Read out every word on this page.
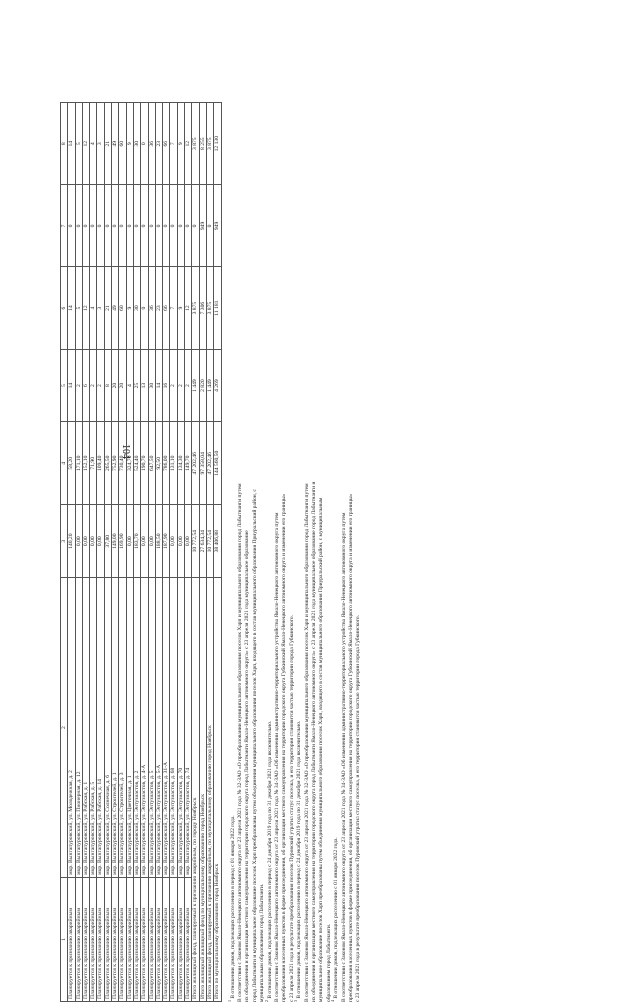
104
1	2	3	4	5	6	7	8
Планируется к признанию аварийным	мкр. Вынгапуровский, ул. Молодежная, д. 2	140,20	58,20	14	14	0	14
Планируется к признанию аварийным	мкр. Вынгапуровский, ул. Пионерная, д. 12	0,00	171,10	2	5	0	5
Планируется к признанию аварийным	мкр. Вынгапуровский, ул. Рабская, д. 1	0,00	152,10	6	12	0	12
Планируется к признанию аварийным	мкр. Вынгапуровский, ул. Рабская, д. 5	0,00	71,90	2	4	0	4
Планируется к признанию аварийным	мкр. Вынгапуровский, ул. Рабская, д. 14	0,00	109,40	2	3	0	3
Планируется к признанию аварийным	мкр. Вынгапуровский, ул. Солнечная, д. 6	37,80	265,50	8	21	0	21
Планируется к признанию аварийным	мкр. Вынгапуровский, ул. Строителей, д. 1	149,00	752,90	20	49	0	49
Планируется к признанию аварийным	мкр. Вынгапуровский, ул. Строителей, д. 3	169,90	730,40	20	60	0	60
Планируется к признанию аварийным	мкр. Вынгапуровский, ул. Цветочная, д. 1	0,00	324,70	4	9	0	9
Планируется к признанию аварийным	мкр. Вынгапуровский, ул. Энтузиастов, д. 2	183,70	524,40	25	30	0	30
Планируется к признанию аварийным	мкр. Вынгапуровский, ул. Энтузиастов, д. 4-А	0,00	190,70	13	0	0	0
Планируется к признанию аварийным	мкр. Вынгапуровский, ул. Энтузиастов, д. 5	0,00	647,50	30	36	0	36
Планируется к признанию аварийным	мкр. Вынгапуровский, ул. Энтузиастов, д. 5-А	188,50	92,50	14	23	0	23
Планируется к признанию аварийным	мкр. Вынгапуровский, ул. Энтузиастов, д. 31-А	187,90	786,00	16	66	0	66
Планируется к признанию аварийным	мкр. Вынгапуровский, ул. Энтузиастов, д. 68	0,00	131,10	2	7	0	7
Планируется к признанию аварийным	мкр. Вынгапуровский, ул. Энтузиастов, д. 70	0,00	134,30	2	9	0	9
Планируется к признанию аварийным	мкр. Вынгапуровский, ул. Энтузиастов, д. 74	0,00	149,70	2	12	0	12
Итого жилищный фонд, планируемый к признанию аварийным, по городу Ноябрьск		10 772,54	47 202,46	1 449	3 875	0	3 875
Итого жилищный жилищный фонд по муниципальному образованию город Ноябрьск		27 634,34	97 358,04	2 820	7 306	949	8 255
Итого жилищный фонд, планируемый к признанию аварийным, по муниципальному образованию город Ноябрьск		10 772,54	47 202,46	1 449	3 875	0	3 875
Итого по муниципальному образованию город Ноябрьск		38 406,88	144 560,50	4 269	11 181	949	12 130

$^1$ В отношении домов, подлежащих расселению в период с 01 января 2022 года. В соответствии с Законом Ямало-Ненецкого автономного округа от 23 апреля 2021 года № 32-ЗАО «О преобразовании муниципального образования поселок Харп и муниципального образования город Лабытнанги путем их объединения и организации местного самоуправления на территории городского округа город Лабытнанги Ямало-Ненецкого автономного округа» с 23 апреля 2021 года муниципальное образование город Лабытнанги и муниципальное образование поселок Харп преобразованы путем объединения муниципального образования поселок Харп, входящего в состав муниципального образования Приуральский район, с муниципальным образованием город Лабытнанги.

$^2$ В отношении домов, подлежащих расселению в период с 24 декабря 2019 года по 31 декабря 2021 года включительно. В соответствии с Законом Ямало-Ненецкого автономного округа от 23 апреля 2021 года № 34-ЗАО «Об изменении административно-территориального устройства Ямало-Ненецкого автономного округа путем преобразования населенных пунктов в форме присоединения, об организации местного самоуправления на территории городского округа Губкинский Ямало-Ненецкого автономного округа и изменении его границы» с 23 апреля 2021 года в результате преобразования поселок Пуровский утратил статус поселка, и его территория становится частью территории города Губкинского.

$^3$ В отношении домов, подлежащих расселению в период с 24 декабря 2019 года по 31 декабря 2021 года включительно. В соответствии с Законом Ямало-Ненецкого автономного округа от 23 апреля 2021 года № 32-ЗАО «О преобразовании муниципального образования поселок Харп и муниципального образования город Лабытнанги путем их объединения и организации местного самоуправления на территории городского округа город Лабытнанги Ямало-Ненецкого автономного округа» с 23 апреля 2021 года муниципальное образование город Лабытнанги и муниципальное образование поселок Харп преобразованы путем объединения муниципального образования поселок Харп, входящего в состав муниципального образования Приуральский район, с муниципальным образованием город Лабытнанги.

$^4$ В отношении домов, подлежащих расселению с 01 января 2022 года. В соответствии с Законом Ямало-Ненецкого автономного округа от 23 апреля 2021 года № 34-ЗАО «Об изменении административно-территориального устройства Ямало-Ненецкого автономного округа путем преобразования населенных пунктов в форме присоединения, об организации местного самоуправления на территории городского округа Губкинский Ямало-Ненецкого автономного округа и изменении его границы» с 23 апреля 2021 года в результате преобразования поселок Пуровский утратил статус поселка, и его территория становится частью территории города Губкинского.
